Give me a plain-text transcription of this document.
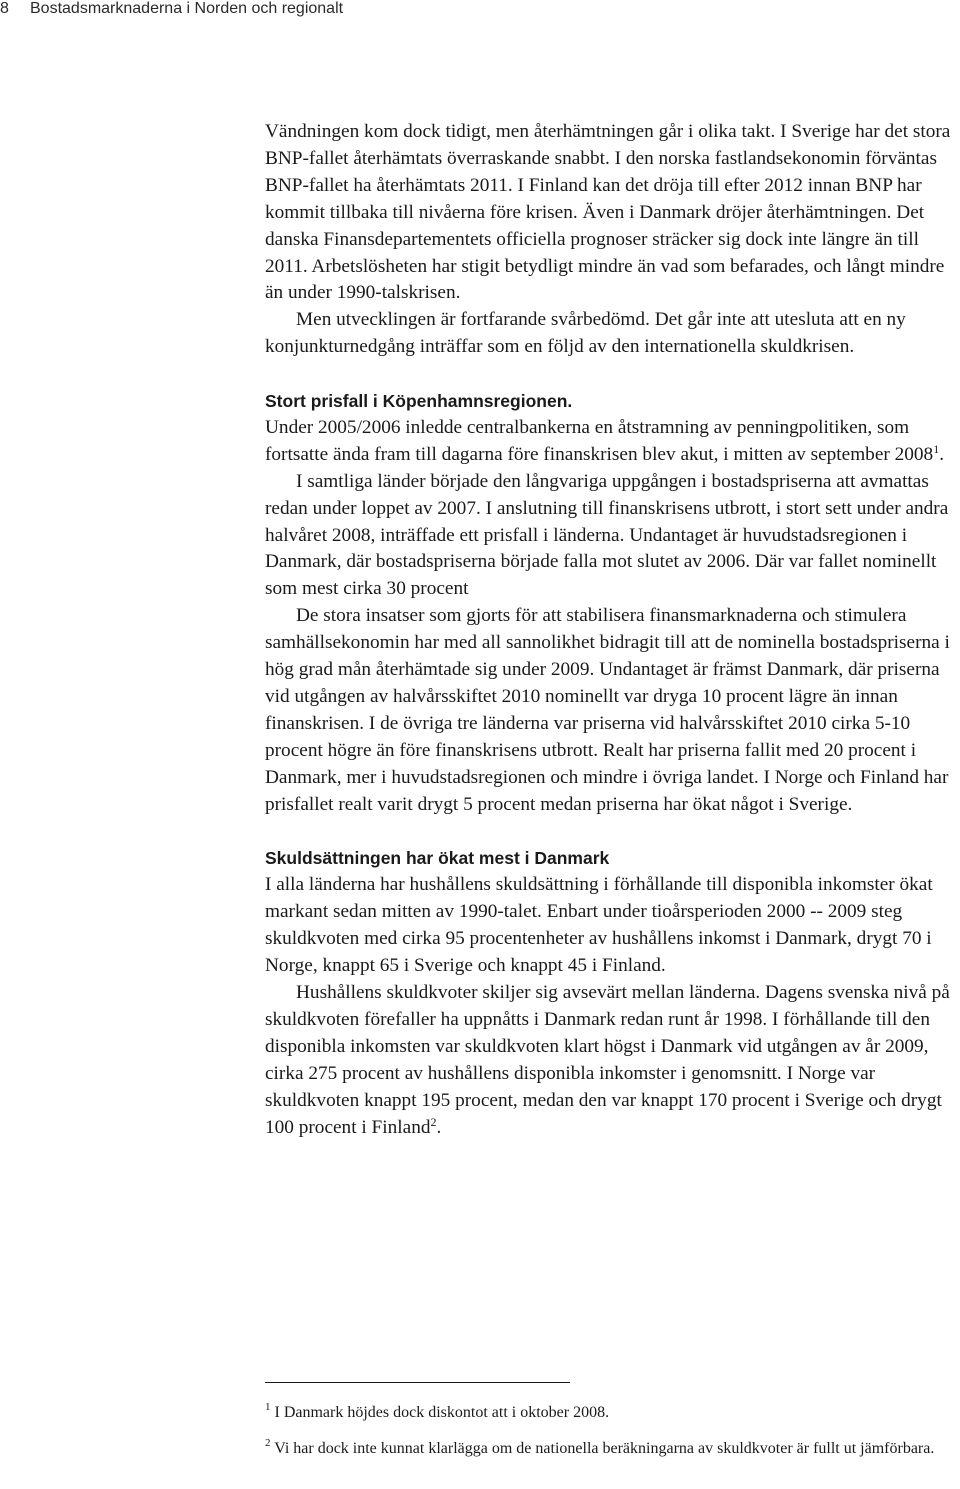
8 Bostadsmarknaderna i Norden och regionalt

Vändningen kom dock tidigt, men återhämtningen går i olika takt. I Sverige har det stora BNP-fallet återhämtats överraskande snabbt. I den norska fastlandsekonomin förväntas BNP-fallet ha återhämtats 2011. I Finland kan det dröja till efter 2012 innan BNP har kommit tillbaka till nivåerna före krisen. Även i Danmark dröjer återhämtningen. Det danska Finansdepartementets officiella prognoser sträcker sig dock inte längre än till 2011. Arbetslösheten har stigit betydligt mindre än vad som befarades, och långt mindre än under 1990-talskrisen.

Men utvecklingen är fortfarande svårbedömd. Det går inte att utesluta att en ny konjunkturnedgång inträffar som en följd av den internationella skuldkrisen.

Stort prisfall i Köpenhamnsregionen.

Under 2005/2006 inledde centralbankerna en åtstramning av penningpolitiken, som fortsatte ända fram till dagarna före finanskrisen blev akut, i mitten av september 2008$^1$.

I samtliga länder började den långvariga uppgången i bostadspriserna att avmattas redan under loppet av 2007. I anslutning till finanskrisens utbrott, i stort sett under andra halvåret 2008, inträffade ett prisfall i länderna. Undantaget är huvudstadsregionen i Danmark, där bostadspriserna började falla mot slutet av 2006. Där var fallet nominellt som mest cirka 30 procent

De stora insatser som gjorts för att stabilisera finansmarknaderna och stimulera samhällsekonomin har med all sannolikhet bidragit till att de nominella bostadspriserna i hög grad mån återhämtade sig under 2009. Undantaget är främst Danmark, där priserna vid utgången av halvårsskiftet 2010 nominellt var dryga 10 procent lägre än innan finanskrisen. I de övriga tre länderna var priserna vid halvårsskiftet 2010 cirka 5-10 procent högre än före finanskrisens utbrott. Realt har priserna fallit med 20 procent i Danmark, mer i huvudstadsregionen och mindre i övriga landet. I Norge och Finland har prisfallet realt varit drygt 5 procent medan priserna har ökat något i Sverige.

Skuldsättningen har ökat mest i Danmark

I alla länderna har hushållens skuldsättning i förhållande till disponibla inkomster ökat markant sedan mitten av 1990-talet. Enbart under tioårsperioden 2000 -- 2009 steg skuldkvoten med cirka 95 procentenheter av hushållens inkomst i Danmark, drygt 70 i Norge, knappt 65 i Sverige och knappt 45 i Finland.

Hushållens skuldkvoter skiljer sig avsevärt mellan länderna. Dagens svenska nivå på skuldkvoten förefaller ha uppnåtts i Danmark redan runt år 1998. I förhållande till den disponibla inkomsten var skuldkvoten klart högst i Danmark vid utgången av år 2009, cirka 275 procent av hushållens disponibla inkomster i genomsnitt. I Norge var skuldkvoten knappt 195 procent, medan den var knappt 170 procent i Sverige och drygt 100 procent i Finland$^2$.

$^1$ I Danmark höjdes dock diskontot att i oktober 2008.

$^2$ Vi har dock inte kunnat klarlägga om de nationella beräkningarna av skuldkvoter är fullt ut jämförbara.
